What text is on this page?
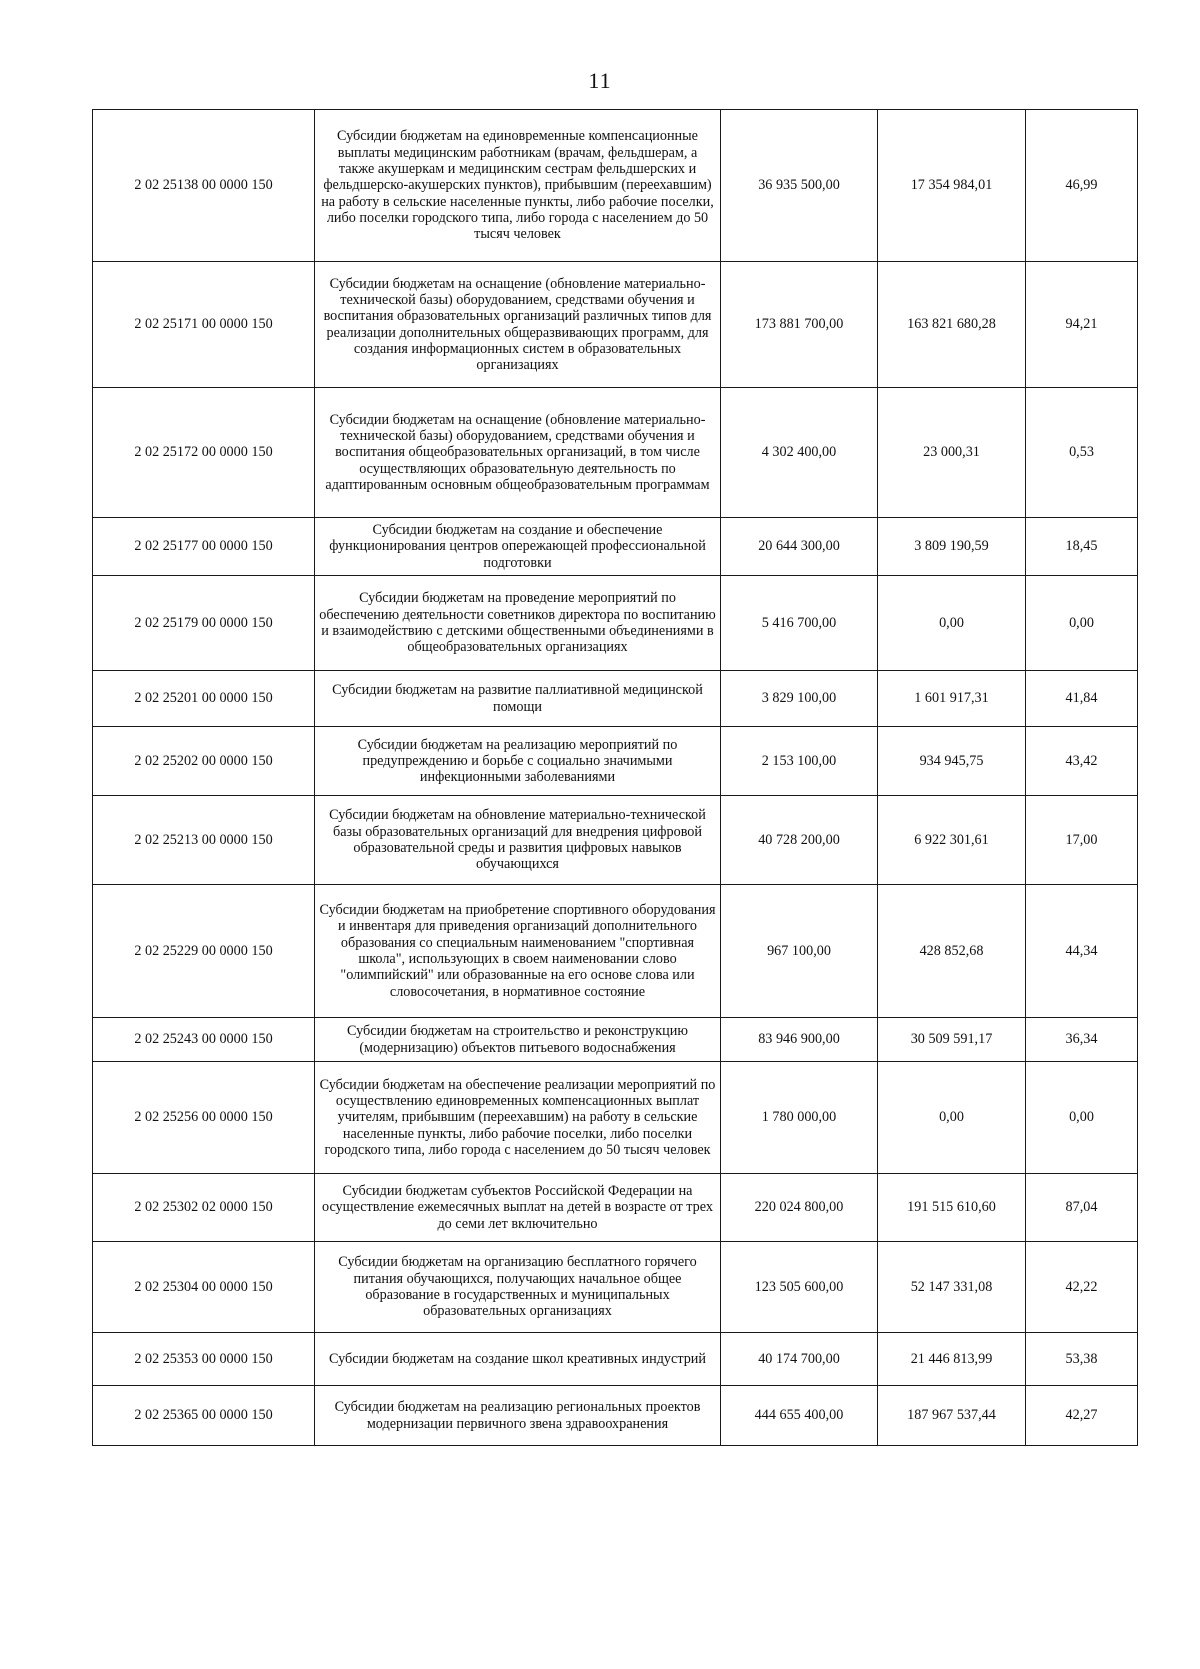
11
2 02 25138 00 0000 150	Субсидии бюджетам на единовременные компенсационные выплаты медицинским работникам (врачам, фельдшерам, а также акушеркам и медицинским сестрам фельдшерских и фельдшерско-акушерских пунктов), прибывшим (переехавшим) на работу в сельские населенные пункты, либо рабочие поселки, либо поселки городского типа, либо города с населением до 50 тысяч человек	36 935 500,00	17 354 984,01	46,99
2 02 25171 00 0000 150	Субсидии бюджетам на оснащение (обновление материально-технической базы) оборудованием, средствами обучения и воспитания образовательных организаций различных типов для реализации дополнительных общеразвивающих программ, для создания информационных систем в образовательных организациях	173 881 700,00	163 821 680,28	94,21
2 02 25172 00 0000 150	Субсидии бюджетам на оснащение (обновление материально-технической базы) оборудованием, средствами обучения и воспитания общеобразовательных организаций, в том числе осуществляющих образовательную деятельность по адаптированным основным общеобразовательным программам	4 302 400,00	23 000,31	0,53
2 02 25177 00 0000 150	Субсидии бюджетам на создание и обеспечение функционирования центров опережающей профессиональной подготовки	20 644 300,00	3 809 190,59	18,45
2 02 25179 00 0000 150	Субсидии бюджетам на проведение мероприятий по обеспечению деятельности советников директора по воспитанию и взаимодействию с детскими общественными объединениями в общеобразовательных организациях	5 416 700,00	0,00	0,00
2 02 25201 00 0000 150	Субсидии бюджетам на развитие паллиативной медицинской помощи	3 829 100,00	1 601 917,31	41,84
2 02 25202 00 0000 150	Субсидии бюджетам на реализацию мероприятий по предупреждению и борьбе с социально значимыми инфекционными заболеваниями	2 153 100,00	934 945,75	43,42
2 02 25213 00 0000 150	Субсидии бюджетам на обновление материально-технической базы образовательных организаций для внедрения цифровой образовательной среды и развития цифровых навыков обучающихся	40 728 200,00	6 922 301,61	17,00
2 02 25229 00 0000 150	Субсидии бюджетам на приобретение спортивного оборудования и инвентаря для приведения организаций дополнительного образования со специальным наименованием "спортивная школа", использующих в своем наименовании слово "олимпийский" или образованные на его основе слова или словосочетания, в нормативное состояние	967 100,00	428 852,68	44,34
2 02 25243 00 0000 150	Субсидии бюджетам на строительство и реконструкцию (модернизацию) объектов питьевого водоснабжения	83 946 900,00	30 509 591,17	36,34
2 02 25256 00 0000 150	Субсидии бюджетам на обеспечение реализации мероприятий по осуществлению единовременных компенсационных выплат учителям, прибывшим (переехавшим) на работу в сельские населенные пункты, либо рабочие поселки, либо поселки городского типа, либо города с населением до 50 тысяч человек	1 780 000,00	0,00	0,00
2 02 25302 02 0000 150	Субсидии бюджетам субъектов Российской Федерации на осуществление ежемесячных выплат на детей в возрасте от трех до семи лет включительно	220 024 800,00	191 515 610,60	87,04
2 02 25304 00 0000 150	Субсидии бюджетам на организацию бесплатного горячего питания обучающихся, получающих начальное общее образование в государственных и муниципальных образовательных организациях	123 505 600,00	52 147 331,08	42,22
2 02 25353 00 0000 150	Субсидии бюджетам на создание школ креативных индустрий	40 174 700,00	21 446 813,99	53,38
2 02 25365 00 0000 150	Субсидии бюджетам на реализацию региональных проектов модернизации первичного звена здравоохранения	444 655 400,00	187 967 537,44	42,27
